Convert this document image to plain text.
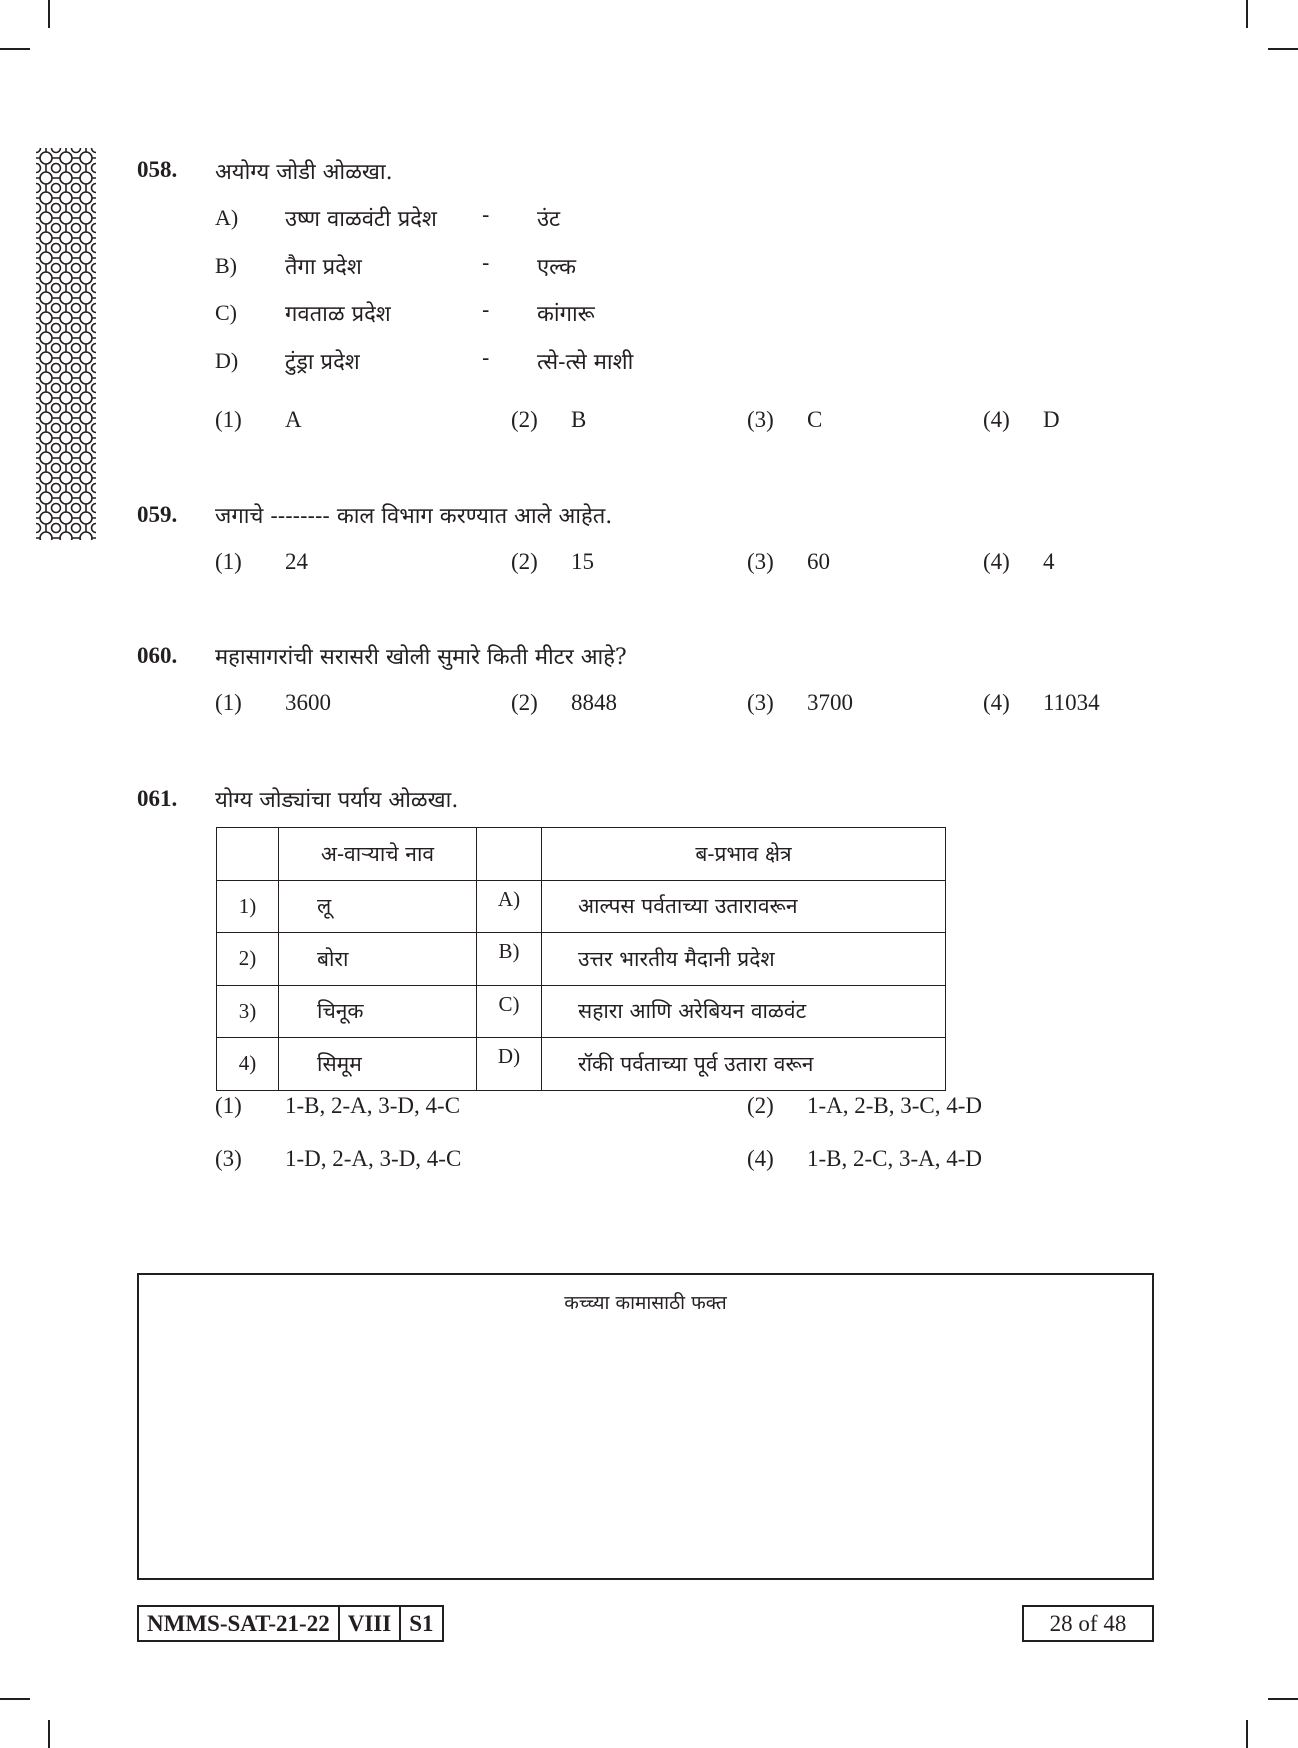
058. अयोग्य जोडी ओळखा.
A) उष्ण वाळवंटी प्रदेश - उंट
B) तैगा प्रदेश	- एल्क
C) गवताळ प्रदेश	- कांगारू
D) टुंड्रा प्रदेश	- त्से-त्से माशी
(1) A	(2) B	(3) C	(4) D
059. जगाचे -------- काल विभाग करण्यात आले आहेत.
(1) 24	(2) 15	(3) 60	(4) 4
060. महासागरांची सरासरी खोली सुमारे किती मीटर आहे?
(1) 3600	(2) 8848	(3) 3700	(4) 11034
061. योग्य जोड्यांचा पर्याय ओळखा.
	अ-वाऱ्याचे नाव		ब-प्रभाव क्षेत्र
1)	लू	A)	आल्पस पर्वताच्या उतारावरून
2)	बोरा	B)	उत्तर भारतीय मैदानी प्रदेश
3)	चिनूक	C)	सहारा आणि अरेबियन वाळवंट
4)	सिमूम	D)	रॉकी पर्वताच्या पूर्व उतारा वरून
(1) 1-B, 2-A, 3-D, 4-C	(2) 1-A, 2-B, 3-C, 4-D
(3) 1-D, 2-A, 3-D, 4-C	(4) 1-B, 2-C, 3-A, 4-D
कच्च्या कामासाठी फक्त
NMMS-SAT-21-22 VIII S1	28 of 48
